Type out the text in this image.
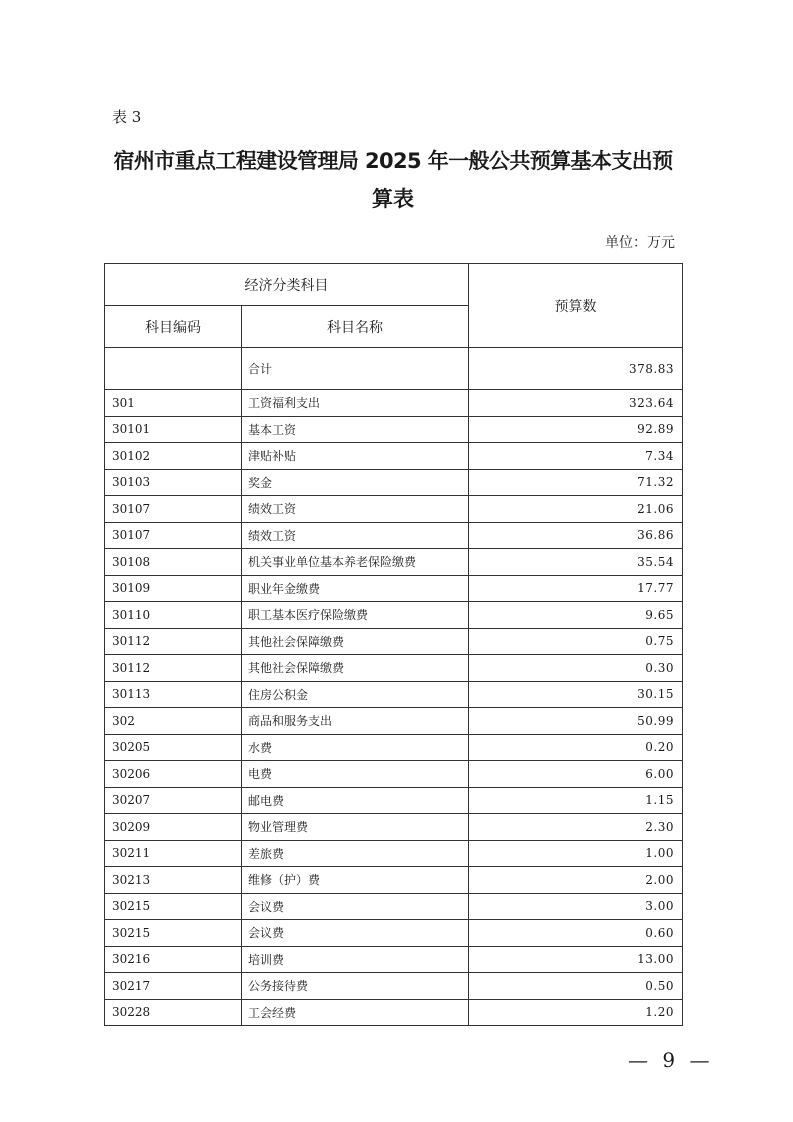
表 3
宿州市重点工程建设管理局 2025 年一般公共预算基本支出预
算表
单位：万元
经济分类科目		预算数
科目编码	科目名称	
	合计	378.83
301	工资福利支出	323.64
30101	基本工资	92.89
30102	津贴补贴	7.34
30103	奖金	71.32
30107	绩效工资	21.06
30107	绩效工资	36.86
30108	机关事业单位基本养老保险缴费	35.54
30109	职业年金缴费	17.77
30110	职工基本医疗保险缴费	9.65
30112	其他社会保障缴费	0.75
30112	其他社会保障缴费	0.30
30113	住房公积金	30.15
302	商品和服务支出	50.99
30205	水费	0.20
30206	电费	6.00
30207	邮电费	1.15
30209	物业管理费	2.30
30211	差旅费	1.00
30213	维修（护）费	2.00
30215	会议费	3.00
30215	会议费	0.60
30216	培训费	13.00
30217	公务接待费	0.50
30228	工会经费	1.20
— 9 —
